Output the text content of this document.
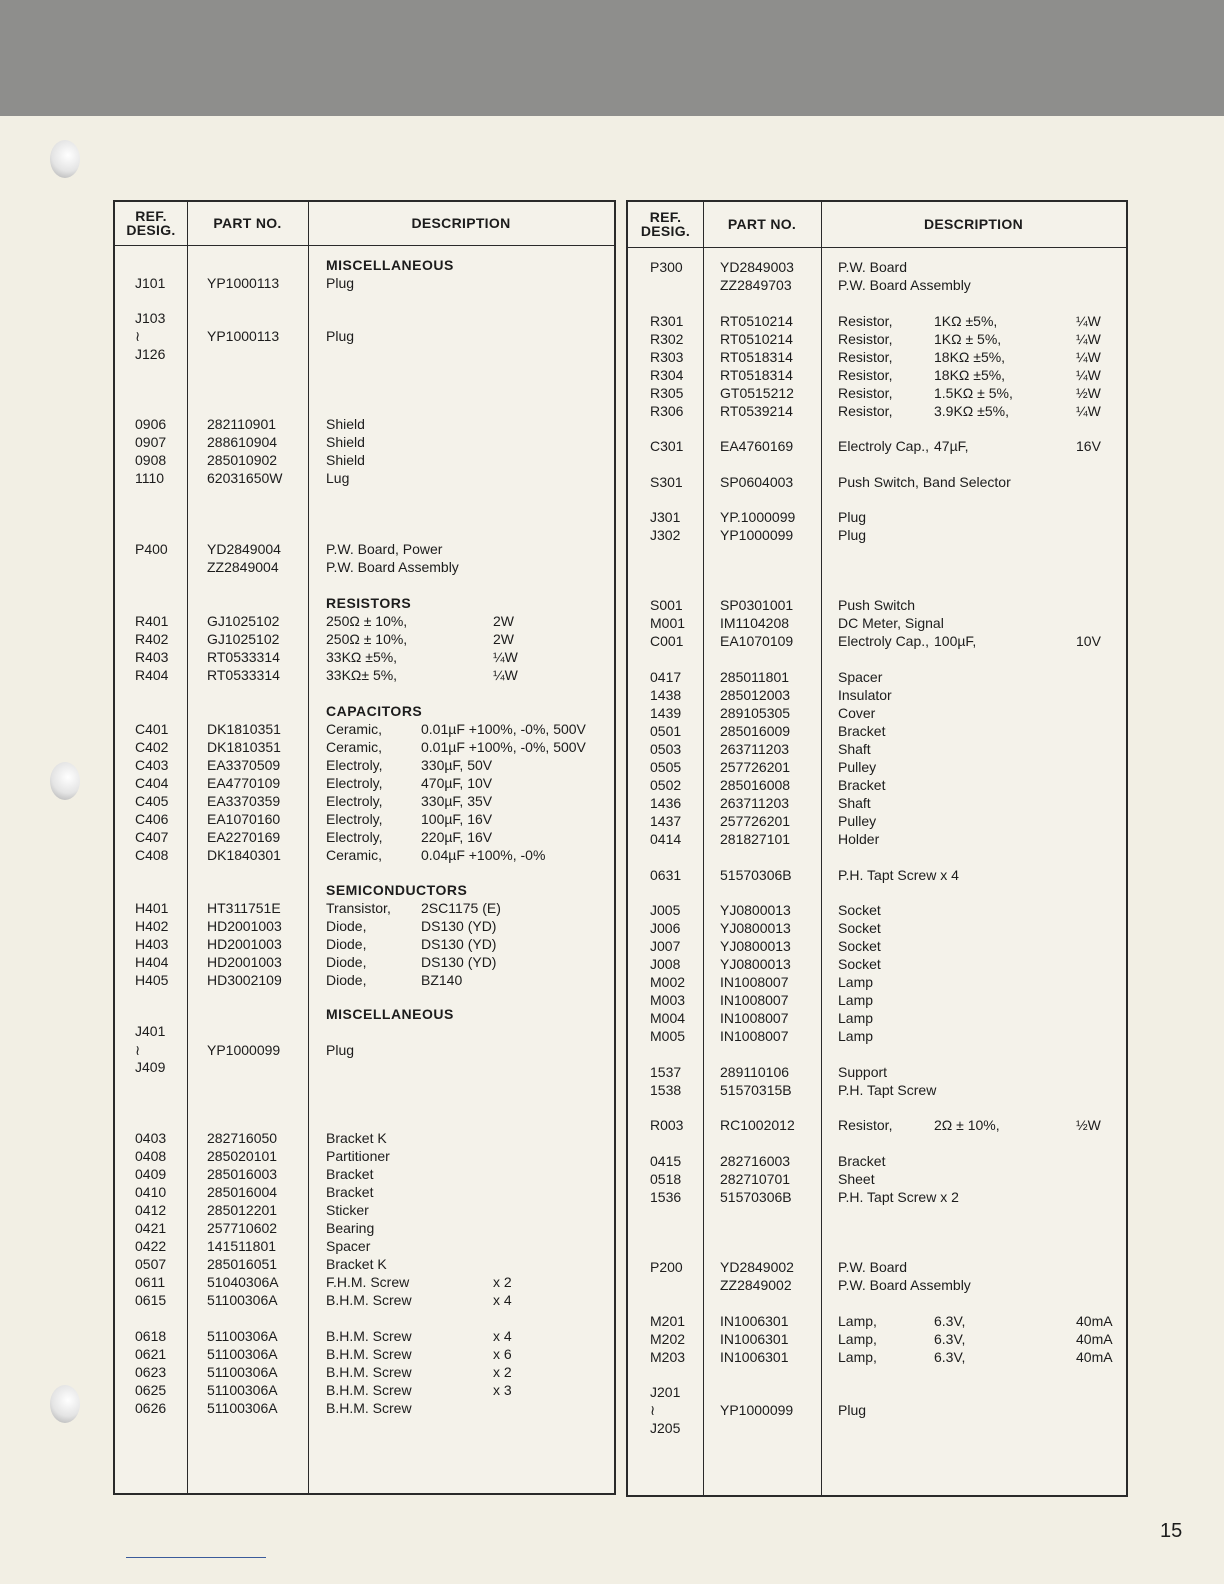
REF.
DESIG.	PART NO.	DESCRIPTION
MISCELLANEOUS
J101	YP1000113	Plug
J103
≀	YP1000113	Plug
J126
0906	282110901	Shield
0907	288610904	Shield
0908	285010902	Shield
1110	62031650W	Lug
P400	YD2849004	P.W. Board, Power
ZZ2849004	P.W. Board Assembly
RESISTORS
R401	GJ1025102	250Ω ± 10%,	2W
R402	GJ1025102	250Ω ± 10%,	2W
R403	RT0533314	33KΩ ±5%,	¼W
R404	RT0533314	33KΩ± 5%,	¼W
CAPACITORS
C401	DK1810351	Ceramic,	0.01µF +100%, -0%, 500V
C402	DK1810351	Ceramic,	0.01µF +100%, -0%, 500V
C403	EA3370509	Electroly,	330µF, 50V
C404	EA4770109	Electroly,	470µF, 10V
C405	EA3370359	Electroly,	330µF, 35V
C406	EA1070160	Electroly,	100µF, 16V
C407	EA2270169	Electroly,	220µF, 16V
C408	DK1840301	Ceramic,	0.04µF +100%, -0%
SEMICONDUCTORS
H401	HT311751E	Transistor, 2SC1175 (E)
H402	HD2001003	Diode,	DS130 (YD)
H403	HD2001003	Diode,	DS130 (YD)
H404	HD2001003	Diode,	DS130 (YD)
H405	HD3002109	Diode,	BZ140
MISCELLANEOUS
J401
≀	YP1000099	Plug
J409
0403	282716050	Bracket K
0408	285020101	Partitioner
0409	285016003	Bracket
0410	285016004	Bracket
0412	285012201	Sticker
0421	257710602	Bearing
0422	141511801	Spacer
0507	285016051	Bracket K
0611	51040306A	F.H.M. Screw	x 2
0615	51100306A	B.H.M. Screw	x 4
0618	51100306A	B.H.M. Screw	x 4
0621	51100306A	B.H.M. Screw	x 6
0623	51100306A	B.H.M. Screw	x 2
0625	51100306A	B.H.M. Screw	x 3
0626	51100306A	B.H.M. Screw
REF.
DESIG.	PART NO.	DESCRIPTION
P300	YD2849003	P.W. Board
ZZ2849703	P.W. Board Assembly
R301	RT0510214	Resistor,	1KΩ ±5%,	¼W
R302	RT0510214	Resistor,	1KΩ ± 5%,	¼W
R303	RT0518314	Resistor,	18KΩ ±5%,	¼W
R304	RT0518314	Resistor,	18KΩ ±5%,	¼W
R305	GT0515212	Resistor,	1.5KΩ ± 5%,	½W
R306	RT0539214	Resistor,	3.9KΩ ±5%,	¼W
C301	EA4760169	Electroly Cap., 47µF,	16V
S301	SP0604003	Push Switch, Band Selector
J301	YP.1000099	Plug
J302	YP1000099	Plug
S001	SP0301001	Push Switch
M001 IM1104208	DC Meter, Signal
C001	EA1070109	Electroly Cap., 100µF,	10V
0417	285011801	Spacer
1438	285012003	Insulator
1439	289105305	Cover
0501	285016009	Bracket
0503	263711203	Shaft
0505	257726201	Pulley
0502	285016008	Bracket
1436	263711203	Shaft
1437	257726201	Pulley
0414	281827101	Holder
0631	51570306B	P.H. Tapt Screw x 4
J005	YJ0800013	Socket
J006	YJ0800013	Socket
J007	YJ0800013	Socket
J008	YJ0800013	Socket
M002 IN1008007	Lamp
M003 IN1008007	Lamp
M004 IN1008007	Lamp
M005 IN1008007	Lamp
1537	289110106	Support
1538	51570315B	P.H. Tapt Screw
R003	RC1002012	Resistor,	2Ω ± 10%,	½W
0415	282716003	Bracket
0518	282710701	Sheet
1536	51570306B	P.H. Tapt Screw x 2
P200	YD2849002	P.W. Board
ZZ2849002	P.W. Board Assembly
M201 IN1006301	Lamp,	6.3V,	40mA
M202 IN1006301	Lamp,	6.3V,	40mA
M203 IN1006301	Lamp,	6.3V,	40mA
J201
≀	YP1000099	Plug
J205
15
